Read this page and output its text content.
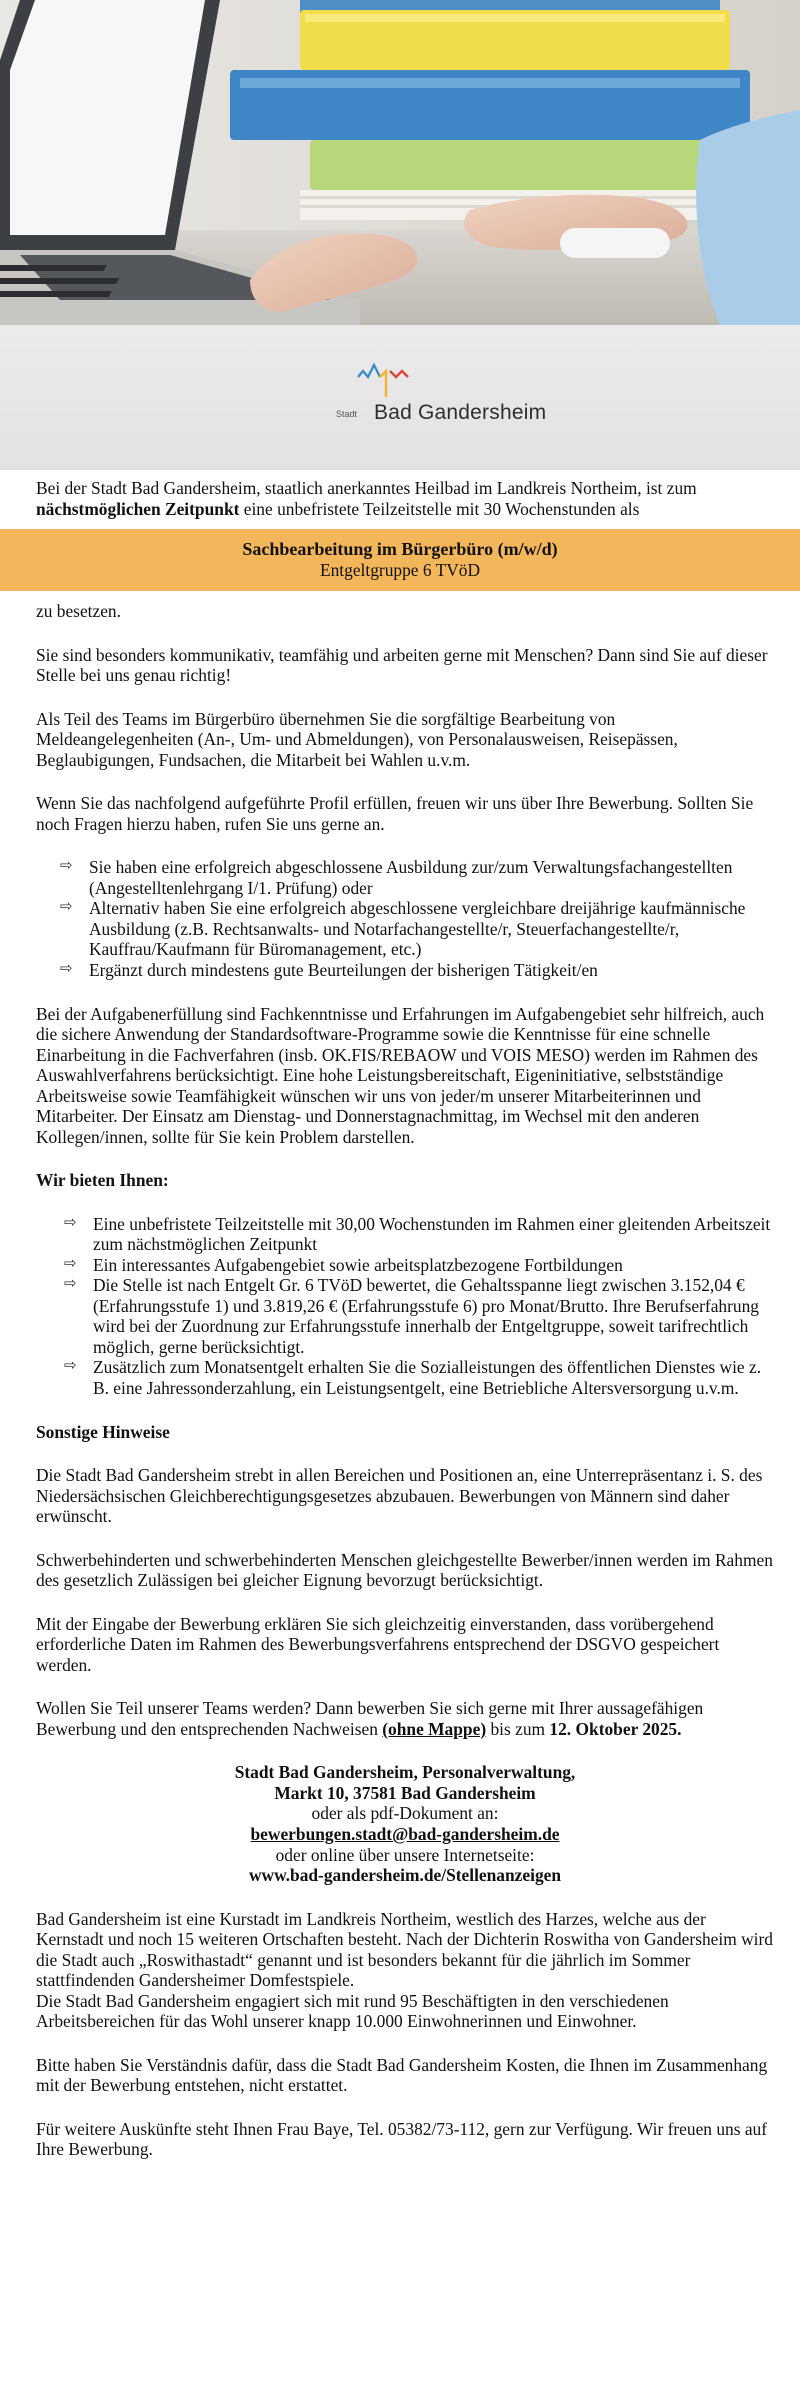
Stadt Bad Gandersheim

Bei der Stadt Bad Gandersheim, staatlich anerkanntes Heilbad im Landkreis Northeim, ist zum nächstmöglichen Zeitpunkt eine unbefristete Teilzeitstelle mit 30 Wochenstunden als

Sachbearbeitung im Bürgerbüro (m/w/d)
Entgeltgruppe 6 TVöD

zu besetzen.

Sie sind besonders kommunikativ, teamfähig und arbeiten gerne mit Menschen? Dann sind Sie auf dieser Stelle bei uns genau richtig!

Als Teil des Teams im Bürgerbüro übernehmen Sie die sorgfältige Bearbeitung von Meldeangelegenheiten (An-, Um- und Abmeldungen), von Personalausweisen, Reisepässen, Beglaubigungen, Fundsachen, die Mitarbeit bei Wahlen u.v.m.

Wenn Sie das nachfolgend aufgeführte Profil erfüllen, freuen wir uns über Ihre Bewerbung. Sollten Sie noch Fragen hierzu haben, rufen Sie uns gerne an.

⇨ Sie haben eine erfolgreich abgeschlossene Ausbildung zur/zum Verwaltungsfachangestellten (Angestelltenlehrgang I/1. Prüfung) oder
⇨ Alternativ haben Sie eine erfolgreich abgeschlossene vergleichbare dreijährige kaufmännische Ausbildung (z.B. Rechtsanwalts- und Notarfachangestellte/r, Steuerfachangestellte/r, Kauffrau/Kaufmann für Büromanagement, etc.)
⇨ Ergänzt durch mindestens gute Beurteilungen der bisherigen Tätigkeit/en

Bei der Aufgabenerfüllung sind Fachkenntnisse und Erfahrungen im Aufgabengebiet sehr hilfreich, auch die sichere Anwendung der Standardsoftware-Programme sowie die Kenntnisse für eine schnelle Einarbeitung in die Fachverfahren (insb. OK.FIS/REBAOW und VOIS MESO) werden im Rahmen des Auswahlverfahrens berücksichtigt. Eine hohe Leistungsbereitschaft, Eigeninitiative, selbstständige Arbeitsweise sowie Teamfähigkeit wünschen wir uns von jeder/m unserer Mitarbeiterinnen und Mitarbeiter. Der Einsatz am Dienstag- und Donnerstagnachmittag, im Wechsel mit den anderen Kollegen/innen, sollte für Sie kein Problem darstellen.

Wir bieten Ihnen:
⇨ Eine unbefristete Teilzeitstelle mit 30,00 Wochenstunden im Rahmen einer gleitenden Arbeitszeit zum nächstmöglichen Zeitpunkt
⇨ Ein interessantes Aufgabengebiet sowie arbeitsplatzbezogene Fortbildungen
⇨ Die Stelle ist nach Entgelt Gr. 6 TVöD bewertet, die Gehaltsspanne liegt zwischen 3.152,04 € (Erfahrungsstufe 1) und 3.819,26 € (Erfahrungsstufe 6) pro Monat/Brutto. Ihre Berufserfahrung wird bei der Zuordnung zur Erfahrungsstufe innerhalb der Entgeltgruppe, soweit tarifrechtlich möglich, gerne berücksichtigt.
⇨ Zusätzlich zum Monatsentgelt erhalten Sie die Sozialleistungen des öffentlichen Dienstes wie z. B. eine Jahressonderzahlung, ein Leistungsentgelt, eine Betriebliche Altersversorgung u.v.m.
Sonstige Hinweise

Die Stadt Bad Gandersheim strebt in allen Bereichen und Positionen an, eine Unterrepräsentanz i. S. des Niedersächsischen Gleichberechtigungsgesetzes abzubauen. Bewerbungen von Männern sind daher erwünscht.

Schwerbehinderten und schwerbehinderten Menschen gleichgestellte Bewerber/innen werden im Rahmen des gesetzlich Zulässigen bei gleicher Eignung bevorzugt berücksichtigt.

Mit der Eingabe der Bewerbung erklären Sie sich gleichzeitig einverstanden, dass vorübergehend erforderliche Daten im Rahmen des Bewerbungsverfahrens entsprechend der DSGVO gespeichert werden.

Wollen Sie Teil unserer Teams werden? Dann bewerben Sie sich gerne mit Ihrer aussagefähigen Bewerbung und den entsprechenden Nachweisen (ohne Mappe) bis zum 12. Oktober 2025.

Stadt Bad Gandersheim, Personalverwaltung,
Markt 10, 37581 Bad Gandersheim
oder als pdf-Dokument an:
bewerbungen.stadt@bad-gandersheim.de
oder online über unsere Internetseite:
www.bad-gandersheim.de/Stellenanzeigen

Bad Gandersheim ist eine Kurstadt im Landkreis Northeim, westlich des Harzes, welche aus der Kernstadt und noch 15 weiteren Ortschaften besteht. Nach der Dichterin Roswitha von Gandersheim wird die Stadt auch „Roswithastadt“ genannt und ist besonders bekannt für die jährlich im Sommer stattfindenden Gandersheimer Domfestspiele.

Die Stadt Bad Gandersheim engagiert sich mit rund 95 Beschäftigten in den verschiedenen Arbeitsbereichen für das Wohl unserer knapp 10.000 Einwohnerinnen und Einwohner.

Bitte haben Sie Verständnis dafür, dass die Stadt Bad Gandersheim Kosten, die Ihnen im Zusammenhang mit der Bewerbung entstehen, nicht erstattet.

Für weitere Auskünfte steht Ihnen Frau Baye, Tel. 05382/73-112, gern zur Verfügung. Wir freuen uns auf Ihre Bewerbung.
